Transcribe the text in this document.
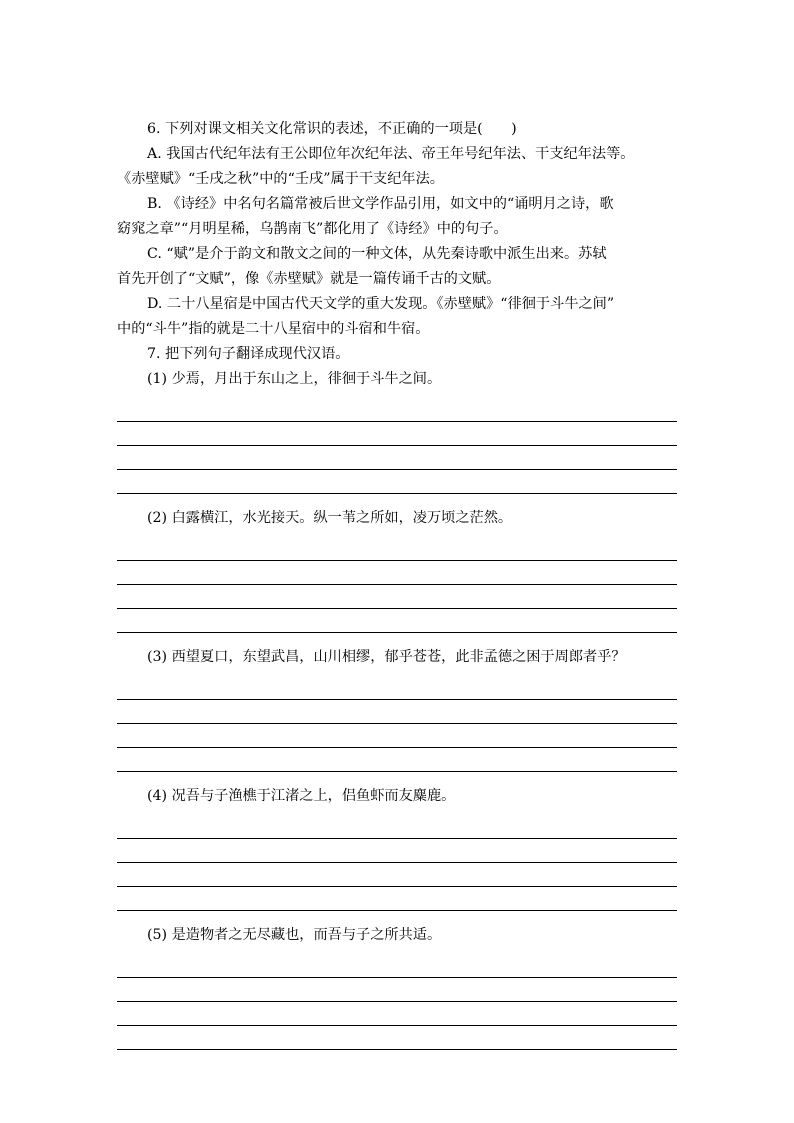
6. 下列对课文相关文化常识的表述，不正确的一项是(　　)

A. 我国古代纪年法有王公即位年次纪年法、帝王年号纪年法、干支纪年法等。

《赤壁赋》“壬戌之秋”中的“壬戌”属于干支纪年法。

B. 《诗经》中名句名篇常被后世文学作品引用，如文中的“诵明月之诗，歌

窈窕之章”“月明星稀，乌鹊南飞”都化用了《诗经》中的句子。

C. “赋”是介于韵文和散文之间的一种文体，从先秦诗歌中派生出来。苏轼

首先开创了“文赋”，像《赤壁赋》就是一篇传诵千古的文赋。

D. 二十八星宿是中国古代天文学的重大发现。《赤壁赋》“徘徊于斗牛之间”

中的“斗牛”指的就是二十八星宿中的斗宿和牛宿。

7. 把下列句子翻译成现代汉语。

(1) 少焉，月出于东山之上，徘徊于斗牛之间。

(2) 白露横江，水光接天。纵一苇之所如，凌万顷之茫然。

(3) 西望夏口，东望武昌，山川相缪，郁乎苍苍，此非孟德之困于周郎者乎？

(4) 况吾与子渔樵于江渚之上，侣鱼虾而友麋鹿。

(5) 是造物者之无尽藏也，而吾与子之所共适。
